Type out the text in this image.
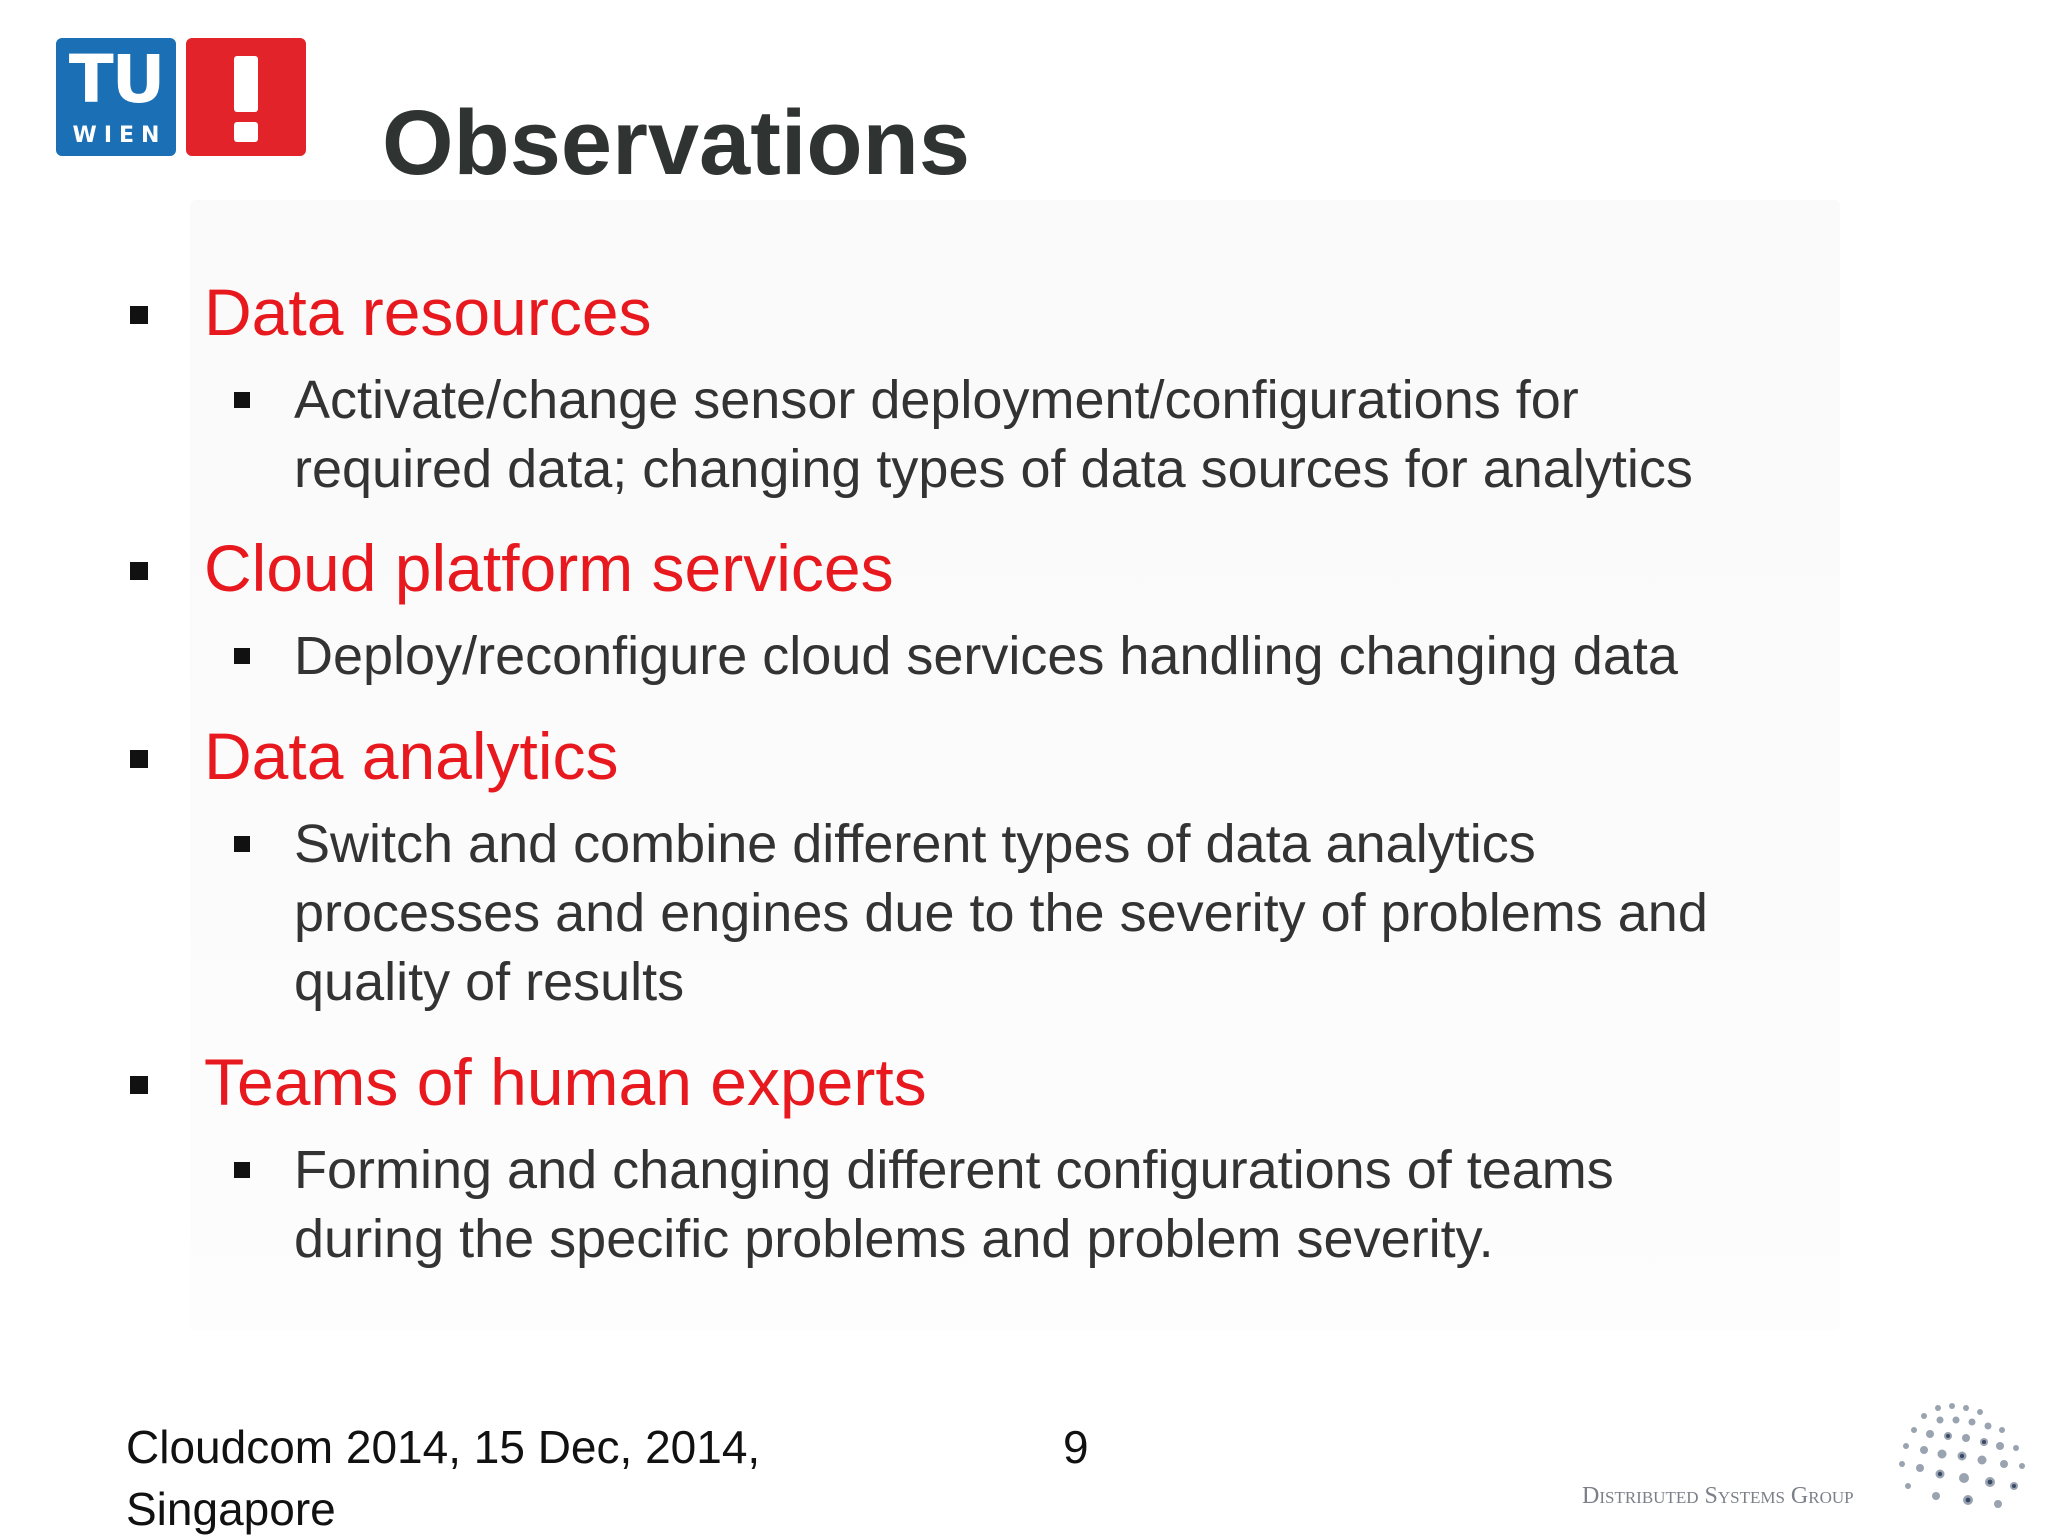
TU
WIEN Observations
Data resources
Activate/change sensor deployment/configurations for
required data; changing types of data sources for analytics
Cloud platform services
Deploy/reconfigure cloud services handling changing data
Data analytics
Switch and combine different types of data analytics
processes and engines due to the severity of problems and
quality of results
Teams of human experts
Forming and changing different configurations of teams
during the specific problems and problem severity.
Cloudcom 2014, 15 Dec, 2014,
Singapore
9
Distributed Systems Group
